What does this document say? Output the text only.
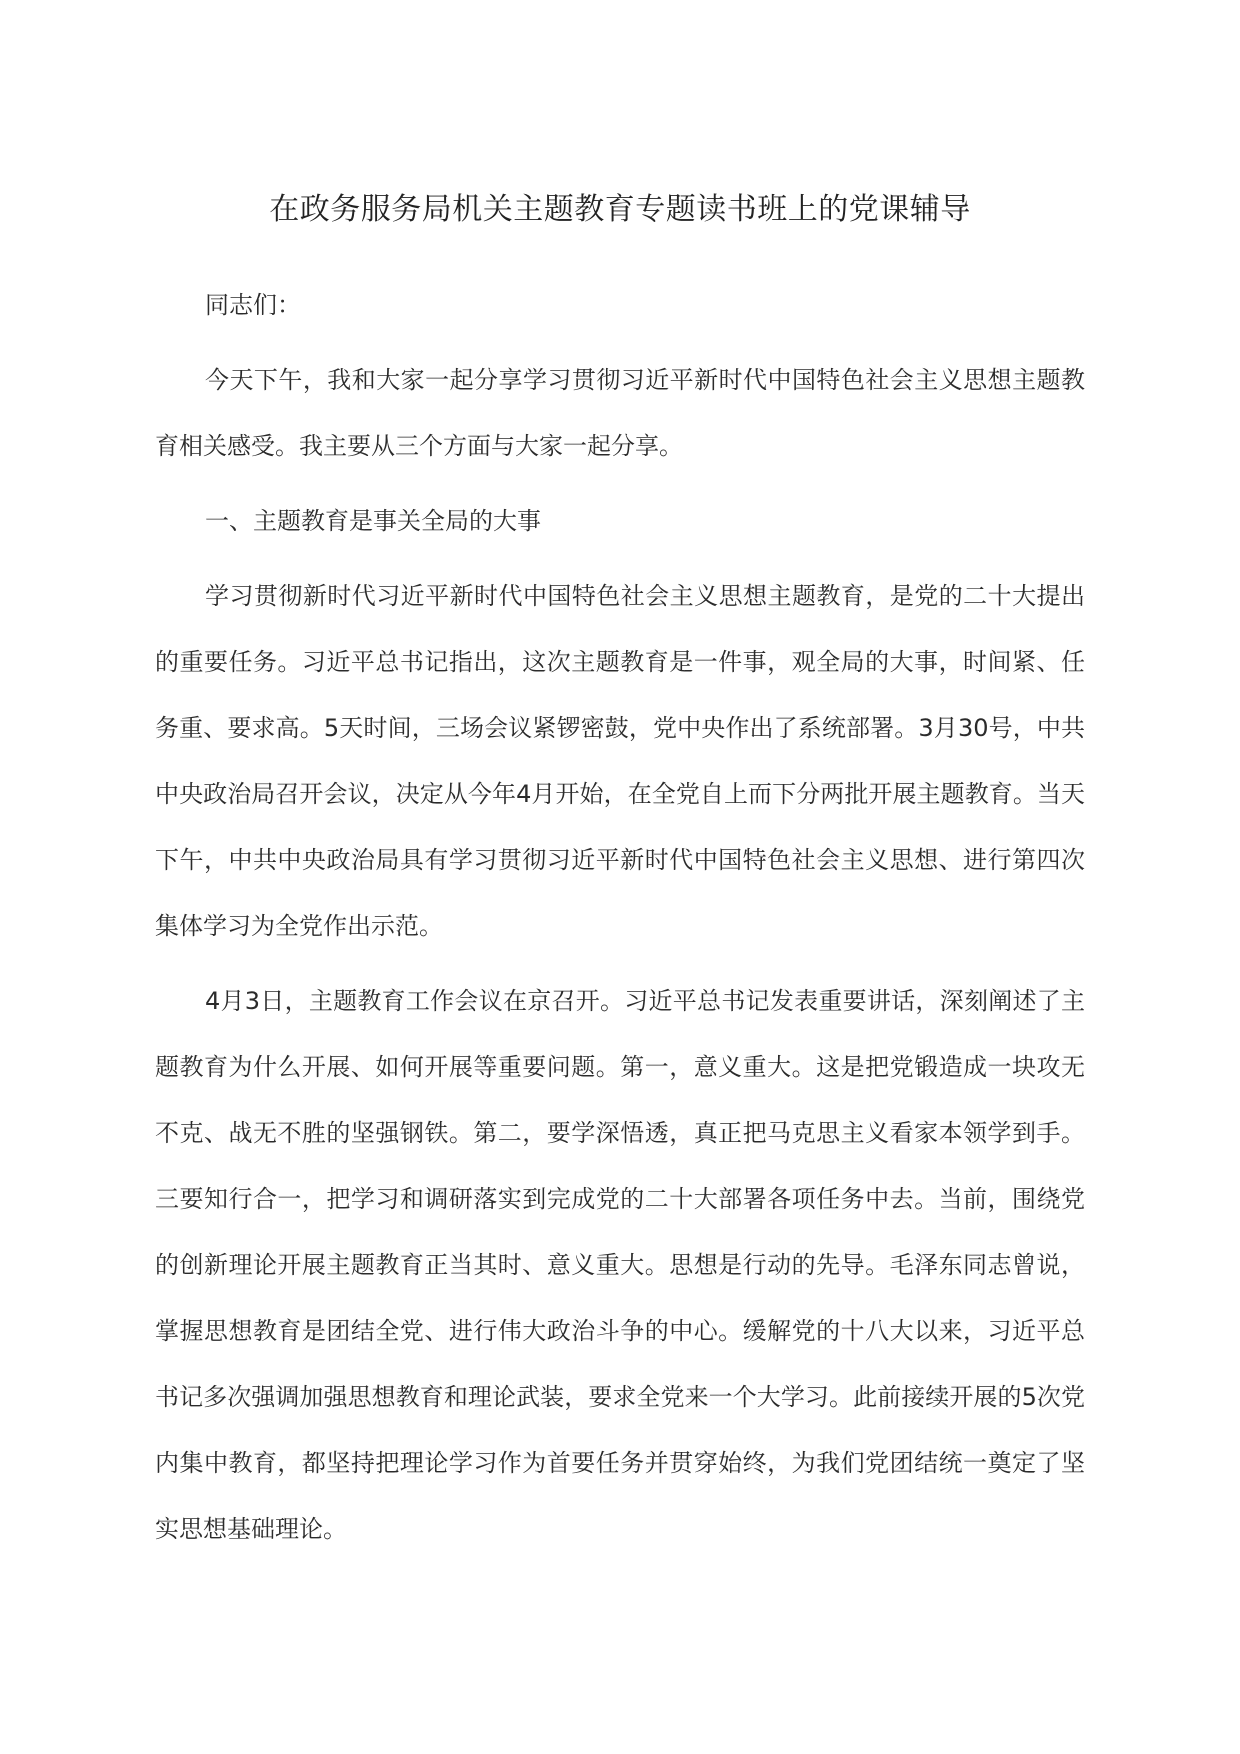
在政务服务局机关主题教育专题读书班上的党课辅导

同志们：

今天下午，我和大家一起分享学习贯彻习近平新时代中国特色社会主义思想主题教育相关感受。我主要从三个方面与大家一起分享。

一、主题教育是事关全局的大事

学习贯彻新时代习近平新时代中国特色社会主义思想主题教育，是党的二十大提出的重要任务。习近平总书记指出，这次主题教育是一件事，观全局的大事，时间紧、任务重、要求高。5天时间，三场会议紧锣密鼓，党中央作出了系统部署。3月30号，中共中央政治局召开会议，决定从今年4月开始，在全党自上而下分两批开展主题教育。当天下午，中共中央政治局具有学习贯彻习近平新时代中国特色社会主义思想、进行第四次集体学习为全党作出示范。

4月3日，主题教育工作会议在京召开。习近平总书记发表重要讲话，深刻阐述了主题教育为什么开展、如何开展等重要问题。第一，意义重大。这是把党锻造成一块攻无不克、战无不胜的坚强钢铁。第二，要学深悟透，真正把马克思主义看家本领学到手。三要知行合一，把学习和调研落实到完成党的二十大部署各项任务中去。当前，围绕党的创新理论开展主题教育正当其时、意义重大。思想是行动的先导。毛泽东同志曾说，掌握思想教育是团结全党、进行伟大政治斗争的中心。缓解党的十八大以来，习近平总书记多次强调加强思想教育和理论武装，要求全党来一个大学习。此前接续开展的5次党内集中教育，都坚持把理论学习作为首要任务并贯穿始终，为我们党团结统一奠定了坚实思想基础理论。
